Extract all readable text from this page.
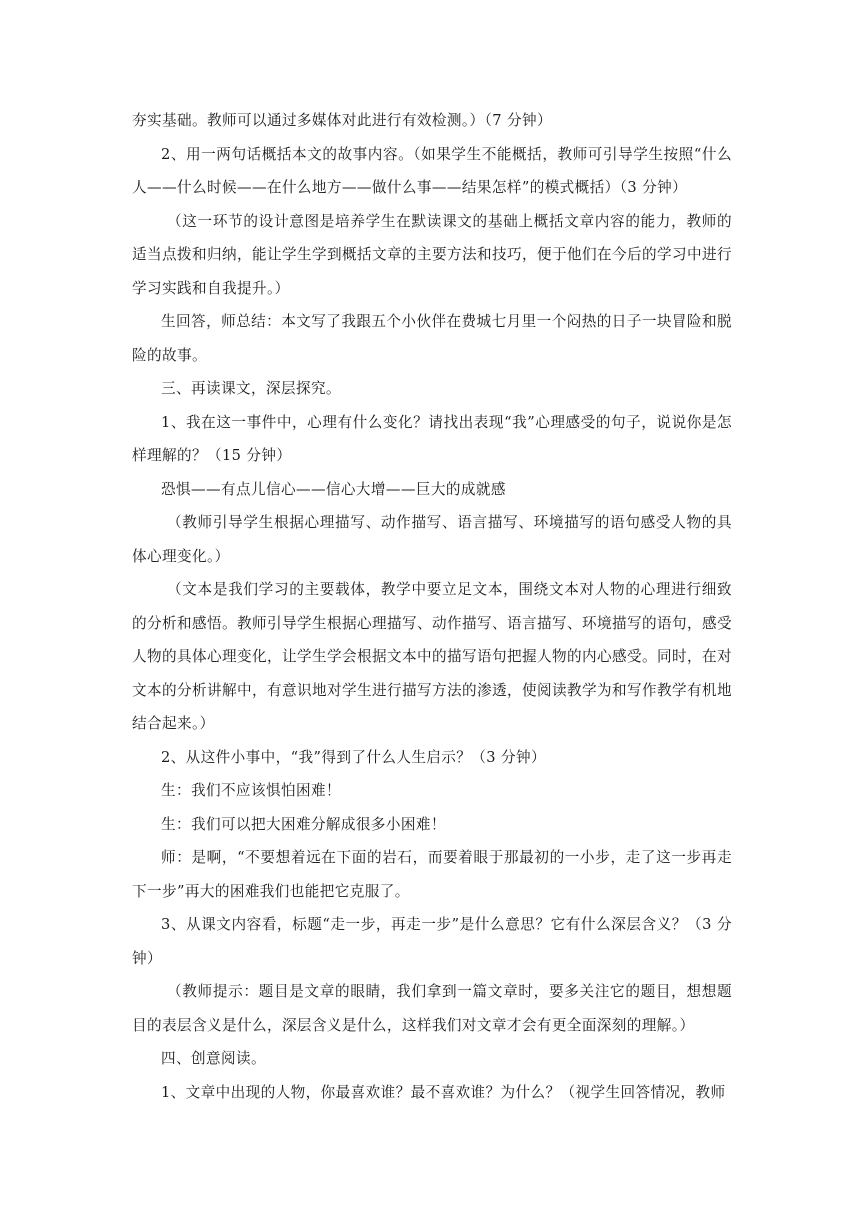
夯实基础。教师可以通过多媒体对此进行有效检测。）（7 分钟）

2、用一两句话概括本文的故事内容。（如果学生不能概括，教师可引导学生按照“什么人——什么时候——在什么地方——做什么事——结果怎样”的模式概括）（3 分钟）

（这一环节的设计意图是培养学生在默读课文的基础上概括文章内容的能力，教师的适当点拨和归纳，能让学生学到概括文章的主要方法和技巧，便于他们在今后的学习中进行学习实践和自我提升。）

生回答，师总结：本文写了我跟五个小伙伴在费城七月里一个闷热的日子一块冒险和脱险的故事。

三、再读课文，深层探究。

1、我在这一事件中，心理有什么变化？请找出表现“我”心理感受的句子，说说你是怎样理解的？（15 分钟）

恐惧——有点儿信心——信心大增——巨大的成就感

（教师引导学生根据心理描写、动作描写、语言描写、环境描写的语句感受人物的具体心理变化。）

（文本是我们学习的主要载体，教学中要立足文本，围绕文本对人物的心理进行细致的分析和感悟。教师引导学生根据心理描写、动作描写、语言描写、环境描写的语句，感受人物的具体心理变化，让学生学会根据文本中的描写语句把握人物的内心感受。同时，在对文本的分析讲解中，有意识地对学生进行描写方法的渗透，使阅读教学为和写作教学有机地结合起来。）

2、从这件小事中，“我”得到了什么人生启示？（3 分钟）

生：我们不应该惧怕困难！

生：我们可以把大困难分解成很多小困难！

师：是啊，“不要想着远在下面的岩石，而要着眼于那最初的一小步，走了这一步再走下一步”再大的困难我们也能把它克服了。

3、从课文内容看，标题“走一步，再走一步”是什么意思？它有什么深层含义？（3 分钟）

（教师提示：题目是文章的眼睛，我们拿到一篇文章时，要多关注它的题目，想想题目的表层含义是什么，深层含义是什么，这样我们对文章才会有更全面深刻的理解。）

四、创意阅读。

1、文章中出现的人物，你最喜欢谁？最不喜欢谁？为什么？（视学生回答情况，教师
